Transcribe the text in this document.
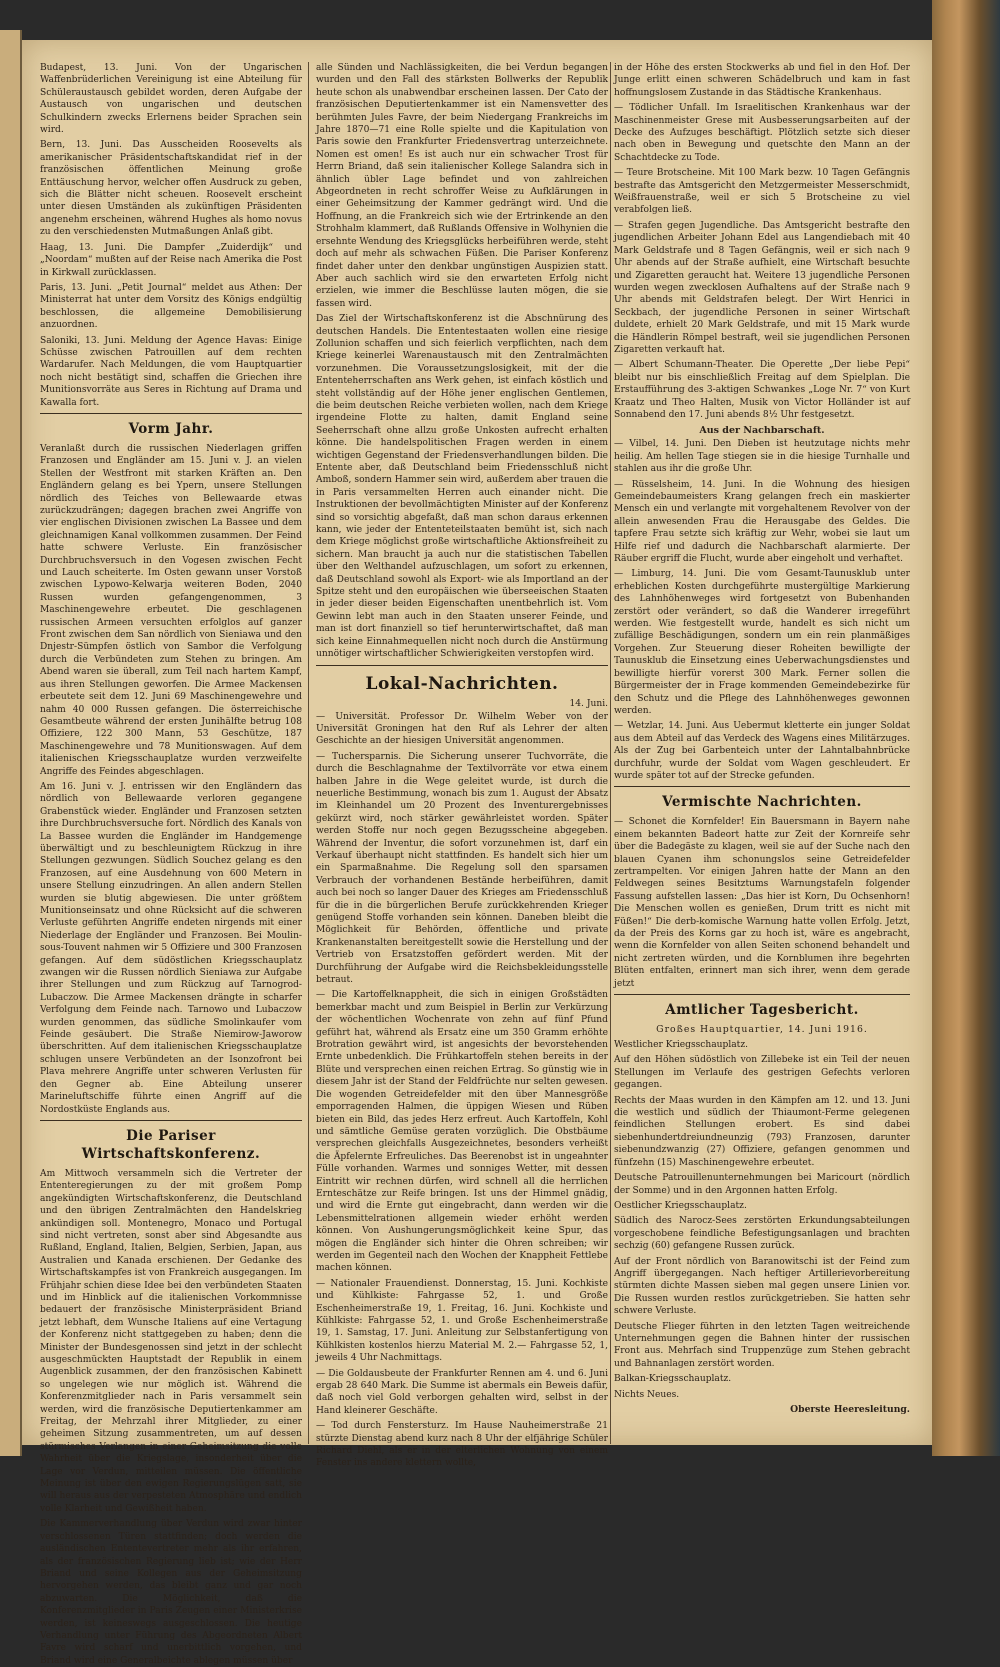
Budapest, 13. Juni. Von der Ungarischen Waffenbrüderlichen Vereinigung ist eine Abteilung für Schüleraustausch gebildet worden, deren Aufgabe der Austausch von ungarischen und deutschen Schulkindern zwecks Erlernens beider Sprachen sein wird.

Bern, 13. Juni. Das Ausscheiden Roosevelts als amerikanischer Präsidentschaftskandidat rief in der französischen öffentlichen Meinung große Enttäuschung hervor, welcher offen Ausdruck zu geben, sich die Blätter nicht scheuen. Roosevelt erscheint unter diesen Umständen als zukünftigen Präsidenten angenehm erscheinen, während Hughes als homo novus zu den verschiedensten Mutmaßungen Anlaß gibt.

Haag, 13. Juni. Die Dampfer „Zuiderdijk“ und „Noordam“ mußten auf der Reise nach Amerika die Post in Kirkwall zurücklassen.

Paris, 13. Juni. „Petit Journal“ meldet aus Athen: Der Ministerrat hat unter dem Vorsitz des Königs endgültig beschlossen, die allgemeine Demobilisierung anzuordnen.

Saloniki, 13. Juni. Meldung der Agence Havas: Einige Schüsse zwischen Patrouillen auf dem rechten Wardarufer. Nach Meldungen, die vom Hauptquartier noch nicht bestätigt sind, schaffen die Griechen ihre Munitionsvorräte aus Seres in Richtung auf Drama und Kawalla fort.

Vorm Jahr.

Veranlaßt durch die russischen Niederlagen griffen Franzosen und Engländer am 15. Juni v. J. an vielen Stellen der Westfront mit starken Kräften an. Den Engländern gelang es bei Ypern, unsere Stellungen nördlich des Teiches von Bellewaarde etwas zurückzudrängen; dagegen brachen zwei Angriffe von vier englischen Divisionen zwischen La Bassee und dem gleichnamigen Kanal vollkommen zusammen. Der Feind hatte schwere Verluste. Ein französischer Durchbruchsversuch in den Vogesen zwischen Fecht und Lauch scheiterte. Im Osten gewann unser Vorstoß zwischen Lypowo-Kelwarja weiteren Boden, 2040 Russen wurden gefangengenommen, 3 Maschinengewehre erbeutet. Die geschlagenen russischen Armeen versuchten erfolglos auf ganzer Front zwischen dem San nördlich von Sieniawa und den Dnjestr-Sümpfen östlich von Sambor die Verfolgung durch die Verbündeten zum Stehen zu bringen. Am Abend waren sie überall, zum Teil nach hartem Kampf, aus ihren Stellungen geworfen. Die Armee Mackensen erbeutete seit dem 12. Juni 69 Maschinengewehre und nahm 40 000 Russen gefangen. Die österreichische Gesamtbeute während der ersten Junihälfte betrug 108 Offiziere, 122 300 Mann, 53 Geschütze, 187 Maschinengewehre und 78 Munitionswagen. Auf dem italienischen Kriegsschauplatze wurden verzweifelte Angriffe des Feindes abgeschlagen.

Am 16. Juni v. J. entrissen wir den Engländern das nördlich von Bellewaarde verloren gegangene Grabenstück wieder. Engländer und Franzosen setzten ihre Durchbruchsversuche fort. Nördlich des Kanals von La Bassee wurden die Engländer im Handgemenge überwältigt und zu beschleunigtem Rückzug in ihre Stellungen gezwungen. Südlich Souchez gelang es den Franzosen, auf eine Ausdehnung von 600 Metern in unsere Stellung einzudringen. An allen andern Stellen wurden sie blutig abgewiesen. Die unter größtem Munitionseinsatz und ohne Rücksicht auf die schweren Verluste geführten Angriffe endeten nirgends mit einer Niederlage der Engländer und Franzosen. Bei Moulin-sous-Touvent nahmen wir 5 Offiziere und 300 Franzosen gefangen. Auf dem südöstlichen Kriegsschauplatz zwangen wir die Russen nördlich Sieniawa zur Aufgabe ihrer Stellungen und zum Rückzug auf Tarnogrod-Lubaczow. Die Armee Mackensen drängte in scharfer Verfolgung dem Feinde nach. Tarnowo und Lubaczow wurden genommen, das südliche Smolinkaufer vom Feinde gesäubert. Die Straße Niemirow-Jaworow überschritten. Auf dem italienischen Kriegsschauplatze schlugen unsere Verbündeten an der Isonzofront bei Plava mehrere Angriffe unter schweren Verlusten für den Gegner ab. Eine Abteilung unserer Marineluftschiffe führte einen Angriff auf die Nordostküste Englands aus.

Die Pariser Wirtschaftskonferenz.

Am Mittwoch versammeln sich die Vertreter der Ententeregierungen zu der mit großem Pomp angekündigten Wirtschaftskonferenz, die Deutschland und den übrigen Zentralmächten den Handelskrieg ankündigen soll. Montenegro, Monaco und Portugal sind nicht vertreten, sonst aber sind Abgesandte aus Rußland, England, Italien, Belgien, Serbien, Japan, aus Australien und Kanada erschienen. Der Gedanke des Wirtschaftskampfes ist von Frankreich ausgegangen. Im Frühjahr schien diese Idee bei den verbündeten Staaten und im Hinblick auf die italienischen Vorkommnisse bedauert der französische Ministerpräsident Briand jetzt lebhaft, dem Wunsche Italiens auf eine Vertagung der Konferenz nicht stattgegeben zu haben; denn die Minister der Bundesgenossen sind jetzt in der schlecht ausgeschmückten Hauptstadt der Republik in einem Augenblick zusammen, der den französischen Kabinett so ungelegen wie nur möglich ist. Während die Konferenzmitglieder nach in Paris versammelt sein werden, wird die französische Deputiertenkammer am Freitag, der Mehrzahl ihrer Mitglieder, zu einer geheimen Sitzung zusammentreten, um auf dessen stürmisches Verlangen in einer Geheimsitzung die volle Wahrheit über die Kriegslage, insonderheit über die Lage vor Verdun, mitteilen müssen. Die öffentliche Meinung ist über den ewigen Regierungslügen satt, sie will heraus aus der verpesteten Atmosphäre und endlich volle Klarheit und Gewißheit haben.

Die Kammerverhandlung über Verdun wird zwar hinter verschlossenen Türen stattfinden; doch werden die ausländischen Ententevertreter mehr als ihr erfahren, als der französischen Regierung lieb ist; wie der Herr Briand und seine Kollegen aus der Geheimsitzung hervorgehen werden, das bleibt ganz und gar noch abzuwarten. Die Möglichkeit, daß die Konferenzmitglieder in Paris Zeugen einer Ministerkrise werden, ist keineswegs ausgeschlossen. Die heutige Verhandlung unter Führung des Abgeordneten Albert Favre wird scharf und unerbittlich vorgehen, und Briand wird eine Generalbeichte ablegen müssen über

alle Sünden und Nachlässigkeiten, die bei Verdun begangen wurden und den Fall des stärksten Bollwerks der Republik heute schon als unabwendbar erscheinen lassen. Der Cato der französischen Deputiertenkammer ist ein Namensvetter des berühmten Jules Favre, der beim Niedergang Frankreichs im Jahre 1870—71 eine Rolle spielte und die Kapitulation von Paris sowie den Frankfurter Friedensvertrag unterzeichnete. Nomen est omen! Es ist auch nur ein schwacher Trost für Herrn Briand, daß sein italienischer Kollege Salandra sich in ähnlich übler Lage befindet und von zahlreichen Abgeordneten in recht schroffer Weise zu Aufklärungen in einer Geheimsitzung der Kammer gedrängt wird. Und die Hoffnung, an die Frankreich sich wie der Ertrinkende an den Strohhalm klammert, daß Rußlands Offensive in Wolhynien die ersehnte Wendung des Kriegsglücks herbeiführen werde, steht doch auf mehr als schwachen Füßen. Die Pariser Konferenz findet daher unter den denkbar ungünstigen Auspizien statt. Aber auch sachlich wird sie den erwarteten Erfolg nicht erzielen, wie immer die Beschlüsse lauten mögen, die sie fassen wird.

Das Ziel der Wirtschaftskonferenz ist die Abschnürung des deutschen Handels. Die Ententestaaten wollen eine riesige Zollunion schaffen und sich feierlich verpflichten, nach dem Kriege keinerlei Warenaustausch mit den Zentralmächten vorzunehmen. Die Voraussetzungslosigkeit, mit der die Ententeherrschaften ans Werk gehen, ist einfach köstlich und steht vollständig auf der Höhe jener englischen Gentlemen, die beim deutschen Reiche verbieten wollen, nach dem Kriege irgendeine Flotte zu halten, damit England seine Seeherrschaft ohne allzu große Unkosten aufrecht erhalten könne. Die handelspolitischen Fragen werden in einem wichtigen Gegenstand der Friedensverhandlungen bilden. Die Entente aber, daß Deutschland beim Friedensschluß nicht Amboß, sondern Hammer sein wird, außerdem aber trauen die in Paris versammelten Herren auch einander nicht. Die Instruktionen der bevollmächtigten Minister auf der Konferenz sind so vorsichtig abgefaßt, daß man schon daraus erkennen kann, wie jeder der Ententeteilstaaten bemüht ist, sich nach dem Kriege möglichst große wirtschaftliche Aktionsfreiheit zu sichern. Man braucht ja auch nur die statistischen Tabellen über den Welthandel aufzuschlagen, um sofort zu erkennen, daß Deutschland sowohl als Export- wie als Importland an der Spitze steht und den europäischen wie überseeischen Staaten in jeder dieser beiden Eigenschaften unentbehrlich ist. Vom Gewinn lebt man auch in den Staaten unserer Feinde, und man ist dort finanziell so tief herunterwirtschaftet, daß man sich keine Einnahmequellen nicht noch durch die Anstürmung unnötiger wirtschaftlicher Schwierigkeiten verstopfen wird.

Lokal-Nachrichten.
14. Juni.

— Universität. Professor Dr. Wilhelm Weber von der Universität Groningen hat den Ruf als Lehrer der alten Geschichte an der hiesigen Universität angenommen.

— Tuchersparnis. Die Sicherung unserer Tuchvorräte, die durch die Beschlagnahme der Textilvorräte vor etwa einem halben Jahre in die Wege geleitet wurde, ist durch die neuerliche Bestimmung, wonach bis zum 1. August der Absatz im Kleinhandel um 20 Prozent des Inventurergebnisses gekürzt wird, noch stärker gewährleistet worden. Später werden Stoffe nur noch gegen Bezugsscheine abgegeben. Während der Inventur, die sofort vorzunehmen ist, darf ein Verkauf überhaupt nicht stattfinden. Es handelt sich hier um ein Sparmaßnahme. Die Regelung soll den sparsamen Verbrauch der vorhandenen Bestände herbeiführen, damit auch bei noch so langer Dauer des Krieges am Friedensschluß für die in die bürgerlichen Berufe zurückkehrenden Krieger genügend Stoffe vorhanden sein können. Daneben bleibt die Möglichkeit für Behörden, öffentliche und private Krankenanstalten bereitgestellt sowie die Herstellung und der Vertrieb von Ersatzstoffen gefördert werden. Mit der Durchführung der Aufgabe wird die Reichsbekleidungsstelle betraut.

— Die Kartoffelknappheit, die sich in einigen Großstädten bemerkbar macht und zum Beispiel in Berlin zur Verkürzung der wöchentlichen Wochenrate von zehn auf fünf Pfund geführt hat, während als Ersatz eine um 350 Gramm erhöhte Brotration gewährt wird, ist angesichts der bevorstehenden Ernte unbedenklich. Die Frühkartoffeln stehen bereits in der Blüte und versprechen einen reichen Ertrag. So günstig wie in diesem Jahr ist der Stand der Feldfrüchte nur selten gewesen. Die wogenden Getreidefelder mit den über Mannesgröße emporragenden Halmen, die üppigen Wiesen und Rüben bieten ein Bild, das jedes Herz erfreut. Auch Kartoffeln, Kohl und sämtliche Gemüse geraten vorzüglich. Die Obstbäume versprechen gleichfalls Ausgezeichnetes, besonders verheißt die Äpfelernte Erfreuliches. Das Beerenobst ist in ungeahnter Fülle vorhanden. Warmes und sonniges Wetter, mit dessen Eintritt wir rechnen dürfen, wird schnell all die herrlichen Ernteschätze zur Reife bringen. Ist uns der Himmel gnädig, und wird die Ernte gut eingebracht, dann werden wir die Lebensmittelrationen allgemein wieder erhöht werden können. Von Aushungerungsmöglichkeit keine Spur, das mögen die Engländer sich hinter die Ohren schreiben; wir werden im Gegenteil nach den Wochen der Knappheit Fettlebe machen können.

— Nationaler Frauendienst. Donnerstag, 15. Juni. Kochkiste und Kühlkiste: Fahrgasse 52, 1. und Große Eschenheimerstraße 19, 1. Freitag, 16. Juni. Kochkiste und Kühlkiste: Fahrgasse 52, 1. und Große Eschenheimerstraße 19, 1. Samstag, 17. Juni. Anleitung zur Selbstanfertigung von Kühlkisten kostenlos hierzu Material M. 2.— Fahrgasse 52, 1, jeweils 4 Uhr Nachmittags.

— Die Goldausbeute der Frankfurter Rennen am 4. und 6. Juni ergab 28 640 Mark. Die Summe ist abermals ein Beweis dafür, daß noch viel Gold verborgen gehalten wird, selbst in der Hand kleinerer Geschäfte.

— Tod durch Fenstersturz. Im Hause Nauheimerstraße 21 stürzte Dienstag abend kurz nach 8 Uhr der elfjährige Schüler Richard Diehl, als er in der elterlichen Wohnung von einem Fenster ins andere klettern wollte,

in der Höhe des ersten Stockwerks ab und fiel in den Hof. Der Junge erlitt einen schweren Schädelbruch und kam in fast hoffnungslosem Zustande in das Städtische Krankenhaus.

— Tödlicher Unfall. Im Israelitischen Krankenhaus war der Maschinenmeister Grese mit Ausbesserungsarbeiten auf der Decke des Aufzuges beschäftigt. Plötzlich setzte sich dieser nach oben in Bewegung und quetschte den Mann an der Schachtdecke zu Tode.

— Teure Brotscheine. Mit 100 Mark bezw. 10 Tagen Gefängnis bestrafte das Amtsgericht den Metzgermeister Messerschmidt, Weißfrauenstraße, weil er sich 5 Brotscheine zu viel verabfolgen ließ.

— Strafen gegen Jugendliche. Das Amtsgericht bestrafte den jugendlichen Arbeiter Johann Edel aus Langendiebach mit 40 Mark Geldstrafe und 8 Tagen Gefängnis, weil er sich nach 9 Uhr abends auf der Straße aufhielt, eine Wirtschaft besuchte und Zigaretten geraucht hat. Weitere 13 jugendliche Personen wurden wegen zwecklosen Aufhaltens auf der Straße nach 9 Uhr abends mit Geldstrafen belegt. Der Wirt Henrici in Seckbach, der jugendliche Personen in seiner Wirtschaft duldete, erhielt 20 Mark Geldstrafe, und mit 15 Mark wurde die Händlerin Römpel bestraft, weil sie jugendlichen Personen Zigaretten verkauft hat.

— Albert Schumann-Theater. Die Operette „Der liebe Pepi“ bleibt nur bis einschließlich Freitag auf dem Spielplan. Die Erstaufführung des 3-aktigen Schwankes „Loge Nr. 7“ von Kurt Kraatz und Theo Halten, Musik von Victor Holländer ist auf Sonnabend den 17. Juni abends 8½ Uhr festgesetzt.

Aus der Nachbarschaft.

— Vilbel, 14. Juni. Den Dieben ist heutzutage nichts mehr heilig. Am hellen Tage stiegen sie in die hiesige Turnhalle und stahlen aus ihr die große Uhr.

— Rüsselsheim, 14. Juni. In die Wohnung des hiesigen Gemeindebaumeisters Krang gelangen frech ein maskierter Mensch ein und verlangte mit vorgehaltenem Revolver von der allein anwesenden Frau die Herausgabe des Geldes. Die tapfere Frau setzte sich kräftig zur Wehr, wobei sie laut um Hilfe rief und dadurch die Nachbarschaft alarmierte. Der Räuber ergriff die Flucht, wurde aber eingeholt und verhaftet.

— Limburg, 14. Juni. Die vom Gesamt-Taunusklub unter erheblichen Kosten durchgeführte mustergültige Markierung des Lahnhöhenweges wird fortgesetzt von Bubenhanden zerstört oder verändert, so daß die Wanderer irregeführt werden. Wie festgestellt wurde, handelt es sich nicht um zufällige Beschädigungen, sondern um ein rein planmäßiges Vorgehen. Zur Steuerung dieser Roheiten bewilligte der Taunusklub die Einsetzung eines Ueberwachungsdienstes und bewilligte hierfür vorerst 300 Mark. Ferner sollen die Bürgermeister der in Frage kommenden Gemeindebezirke für den Schutz und die Pflege des Lahnhöhenweges gewonnen werden.

— Wetzlar, 14. Juni. Aus Uebermut kletterte ein junger Soldat aus dem Abteil auf das Verdeck des Wagens eines Militärzuges. Als der Zug bei Garbenteich unter der Lahntalbahnbrücke durchfuhr, wurde der Soldat vom Wagen geschleudert. Er wurde später tot auf der Strecke gefunden.

Vermischte Nachrichten.

— Schonet die Kornfelder! Ein Bauersmann in Bayern nahe einem bekannten Badeort hatte zur Zeit der Kornreife sehr über die Badegäste zu klagen, weil sie auf der Suche nach den blauen Cyanen ihm schonungslos seine Getreidefelder zertrampelten. Vor einigen Jahren hatte der Mann an den Feldwegen seines Besitztums Warnungstafeln folgender Fassung aufstellen lassen: „Das hier ist Korn, Du Ochsenhorn! Die Menschen wollen es genießen, Drum tritt es nicht mit Füßen!“ Die derb-komische Warnung hatte vollen Erfolg. Jetzt, da der Preis des Korns gar zu hoch ist, wäre es angebracht, wenn die Kornfelder von allen Seiten schonend behandelt und nicht zertreten würden, und die Kornblumen ihre begehrten Blüten entfalten, erinnert man sich ihrer, wenn dem gerade jetzt

Amtlicher Tagesbericht.
Großes Hauptquartier, 14. Juni 1916.

Westlicher Kriegsschauplatz.

Auf den Höhen südöstlich von Zillebeke ist ein Teil der neuen Stellungen im Verlaufe des gestrigen Gefechts verloren gegangen.

Rechts der Maas wurden in den Kämpfen am 12. und 13. Juni die westlich und südlich der Thiaumont-Ferme gelegenen feindlichen Stellungen erobert. Es sind dabei siebenhundertdreiundneunzig (793) Franzosen, darunter siebenundzwanzig (27) Offiziere, gefangen genommen und fünfzehn (15) Maschinengewehre erbeutet.

Deutsche Patrouillenunternehmungen bei Maricourt (nördlich der Somme) und in den Argonnen hatten Erfolg.

Oestlicher Kriegsschauplatz.

Südlich des Narocz-Sees zerstörten Erkundungsabteilungen vorgeschobene feindliche Befestigungsanlagen und brachten sechzig (60) gefangene Russen zurück.

Auf der Front nördlich von Baranowitschi ist der Feind zum Angriff übergegangen. Nach heftiger Artillerievorbereitung stürmten dichte Massen sieben mal gegen unsere Linien vor. Die Russen wurden restlos zurückgetrieben. Sie hatten sehr schwere Verluste.

Deutsche Flieger führten in den letzten Tagen weitreichende Unternehmungen gegen die Bahnen hinter der russischen Front aus. Mehrfach sind Truppenzüge zum Stehen gebracht und Bahnanlagen zerstört worden.

Balkan-Kriegsschauplatz.

Nichts Neues.

Oberste Heeresleitung.
